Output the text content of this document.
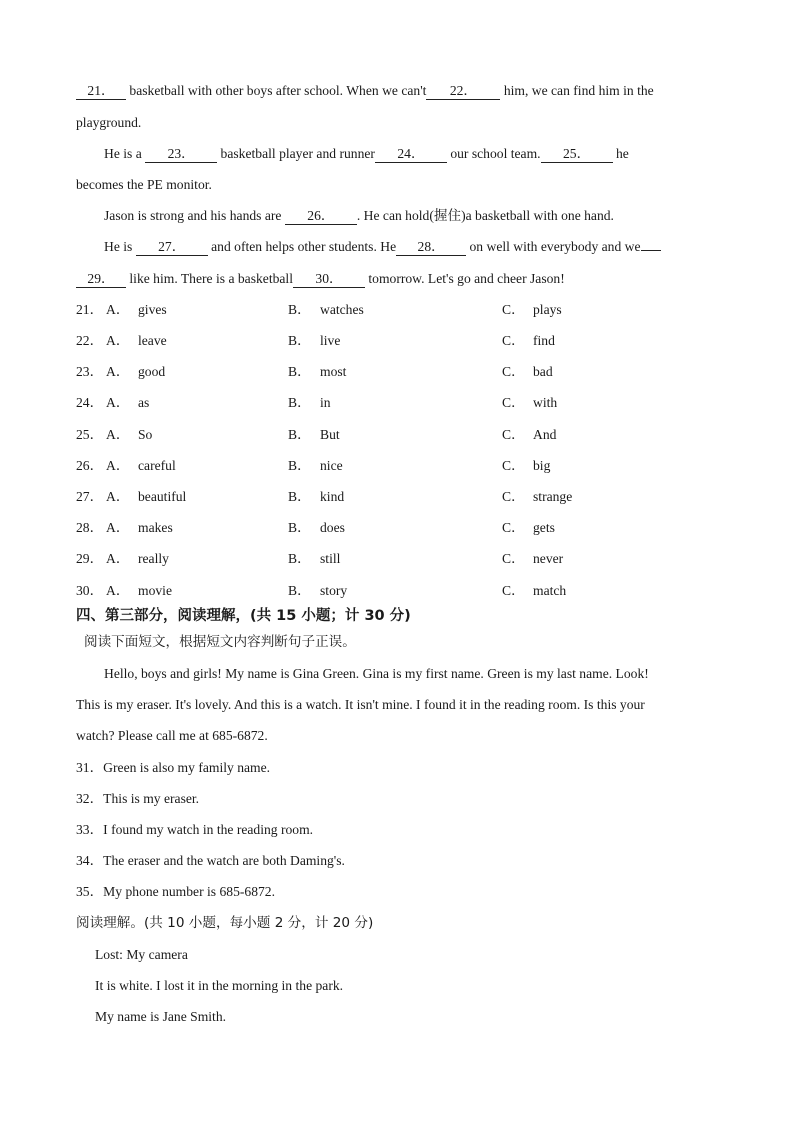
21． basketball with other boys after school. When we can't 22． him, we can find him in the
playground.
He is a 23． basketball player and runner 24． our school team. 25． he
becomes the PE monitor.
Jason is strong and his hands are 26． . He can hold(握住)a basketball with one hand.
He is 27． and often helps other students. He 28． on well with everybody and we
29． like him. There is a basketball 30． tomorrow. Let's go and cheer Jason!
21． A． gives	B． watches	C． plays
22． A． leave	B． live	C． find
23． A． good	B． most	C． bad
24． A． as	B． in	C． with
25． A． So	B． But	C． And
26． A． careful	B． nice	C． big
27． A． beautiful	B． kind	C． strange
28． A． makes	B． does	C． gets
29． A． really	B． still	C． never
30． A． movie	B． story	C． match
四、第三部分，阅读理解，(共 15 小题；计 30 分)
阅读下面短文，根据短文内容判断句子正误。
Hello, boys and girls! My name is Gina Green. Gina is my first name. Green is my last name. Look!
This is my eraser. It's lovely. And this is a watch. It isn't mine. I found it in the reading room. Is this your
watch? Please call me at 685-6872.
31．Green is also my family name.
32．This is my eraser.
33．I found my watch in the reading room.
34．The eraser and the watch are both Daming's.
35．My phone number is 685-6872.
阅读理解。(共 10 小题，每小题 2 分，计 20 分)
Lost: My camera
It is white. I lost it in the morning in the park.
My name is Jane Smith.
